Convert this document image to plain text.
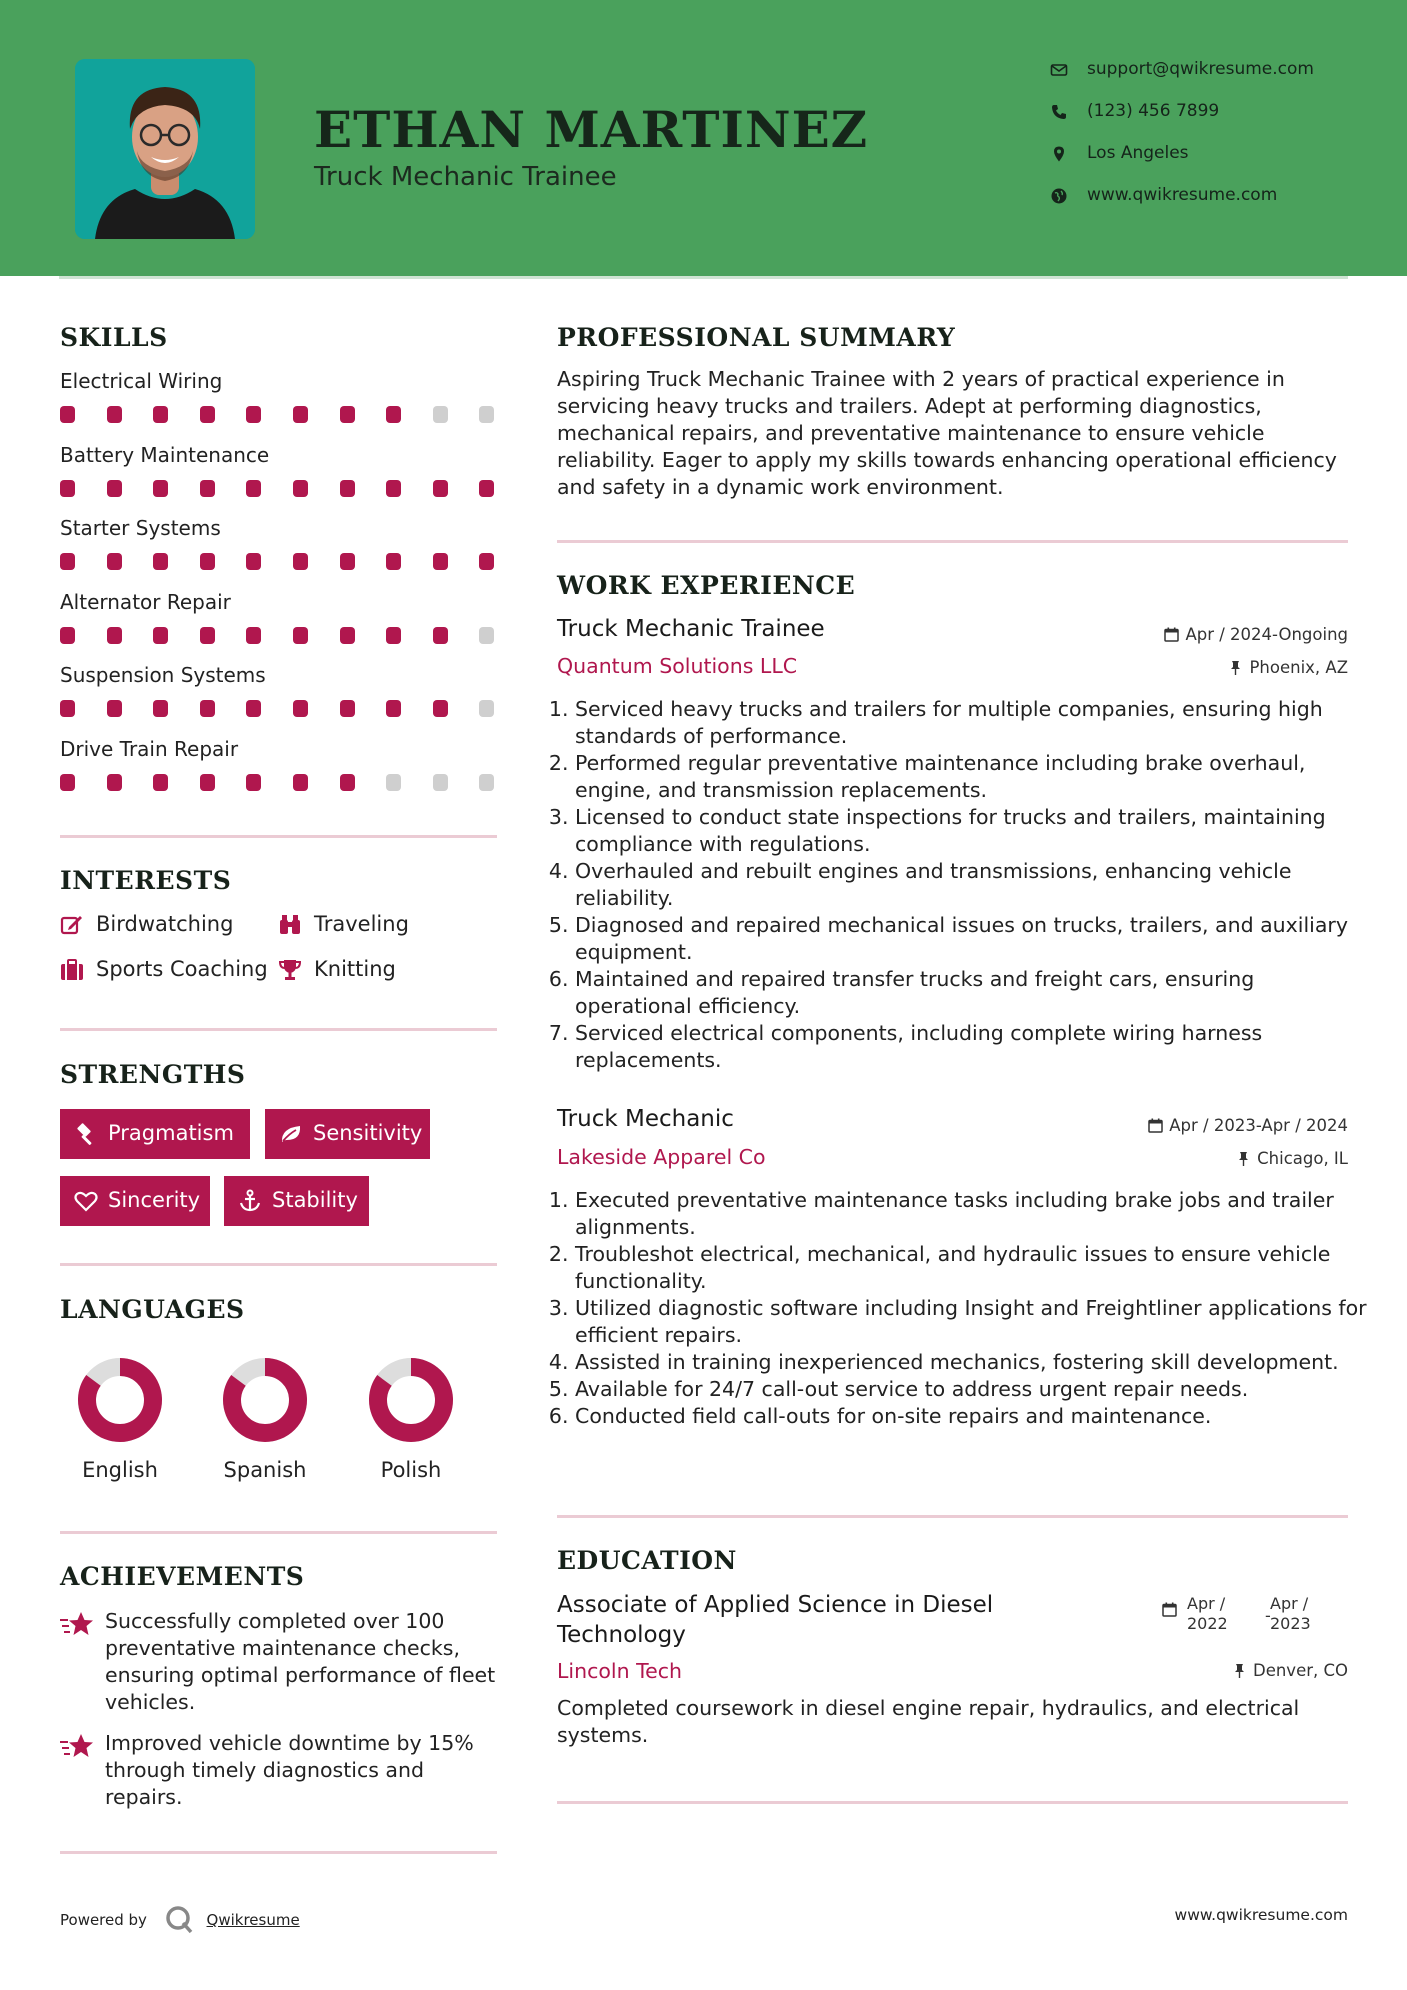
ETHAN MARTINEZ
Truck Mechanic Trainee
support@qwikresume.com
(123) 456 7899
Los Angeles
www.qwikresume.com
SKILLS
Electrical Wiring
Battery Maintenance
Starter Systems
Alternator Repair
Suspension Systems
Drive Train Repair
INTERESTS
Birdwatching	Traveling
Sports Coaching Knitting
STRENGTHS
Pragmatism	Sensitivity
Sincerity	Stability
LANGUAGES
English	Spanish	Polish
ACHIEVEMENTS
Successfully completed over 100 preventative maintenance checks, ensuring optimal performance of fleet vehicles.
Improved vehicle downtime by 15% through timely diagnostics and repairs.
PROFESSIONAL SUMMARY
Aspiring Truck Mechanic Trainee with 2 years of practical experience in servicing heavy trucks and trailers. Adept at performing diagnostics, mechanical repairs, and preventative maintenance to ensure vehicle reliability. Eager to apply my skills towards enhancing operational efficiency and safety in a dynamic work environment.
WORK EXPERIENCE
Truck Mechanic Trainee	Apr / 2024-Ongoing
Quantum Solutions LLC	Phoenix, AZ
1. Serviced heavy trucks and trailers for multiple companies, ensuring high standards of performance.
2. Performed regular preventative maintenance including brake overhaul, engine, and transmission replacements.
3. Licensed to conduct state inspections for trucks and trailers, maintaining compliance with regulations.
4. Overhauled and rebuilt engines and transmissions, enhancing vehicle reliability.
5. Diagnosed and repaired mechanical issues on trucks, trailers, and auxiliary equipment.
6. Maintained and repaired transfer trucks and freight cars, ensuring operational efficiency.
7. Serviced electrical components, including complete wiring harness replacements.
Truck Mechanic	Apr / 2023-Apr / 2024
Lakeside Apparel Co	Chicago, IL
1. Executed preventative maintenance tasks including brake jobs and trailer alignments.
2. Troubleshot electrical, mechanical, and hydraulic issues to ensure vehicle functionality.
3. Utilized diagnostic software including Insight and Freightliner applications for efficient repairs.
4. Assisted in training inexperienced mechanics, fostering skill development.
5. Available for 24/7 call-out service to address urgent repair needs.
6. Conducted field call-outs for on-site repairs and maintenance.
EDUCATION
Associate of Applied Science in Diesel
Technology
Apr /
2022 -
Apr /
2023
Lincoln Tech	Denver, CO
Completed coursework in diesel engine repair, hydraulics, and electrical systems.
Powered by	Qwikresume	www.qwikresume.com
